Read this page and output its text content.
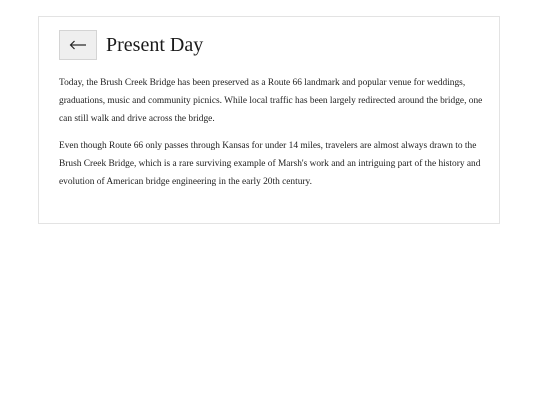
Present Day

Today, the Brush Creek Bridge has been preserved as a Route 66 landmark and popular venue for weddings, graduations, music and community picnics. While local traffic has been largely redirected around the bridge, one can still walk and drive across the bridge.

Even though Route 66 only passes through Kansas for under 14 miles, travelers are almost always drawn to the Brush Creek Bridge, which is a rare surviving example of Marsh's work and an intriguing part of the history and evolution of American bridge engineering in the early 20th century.
